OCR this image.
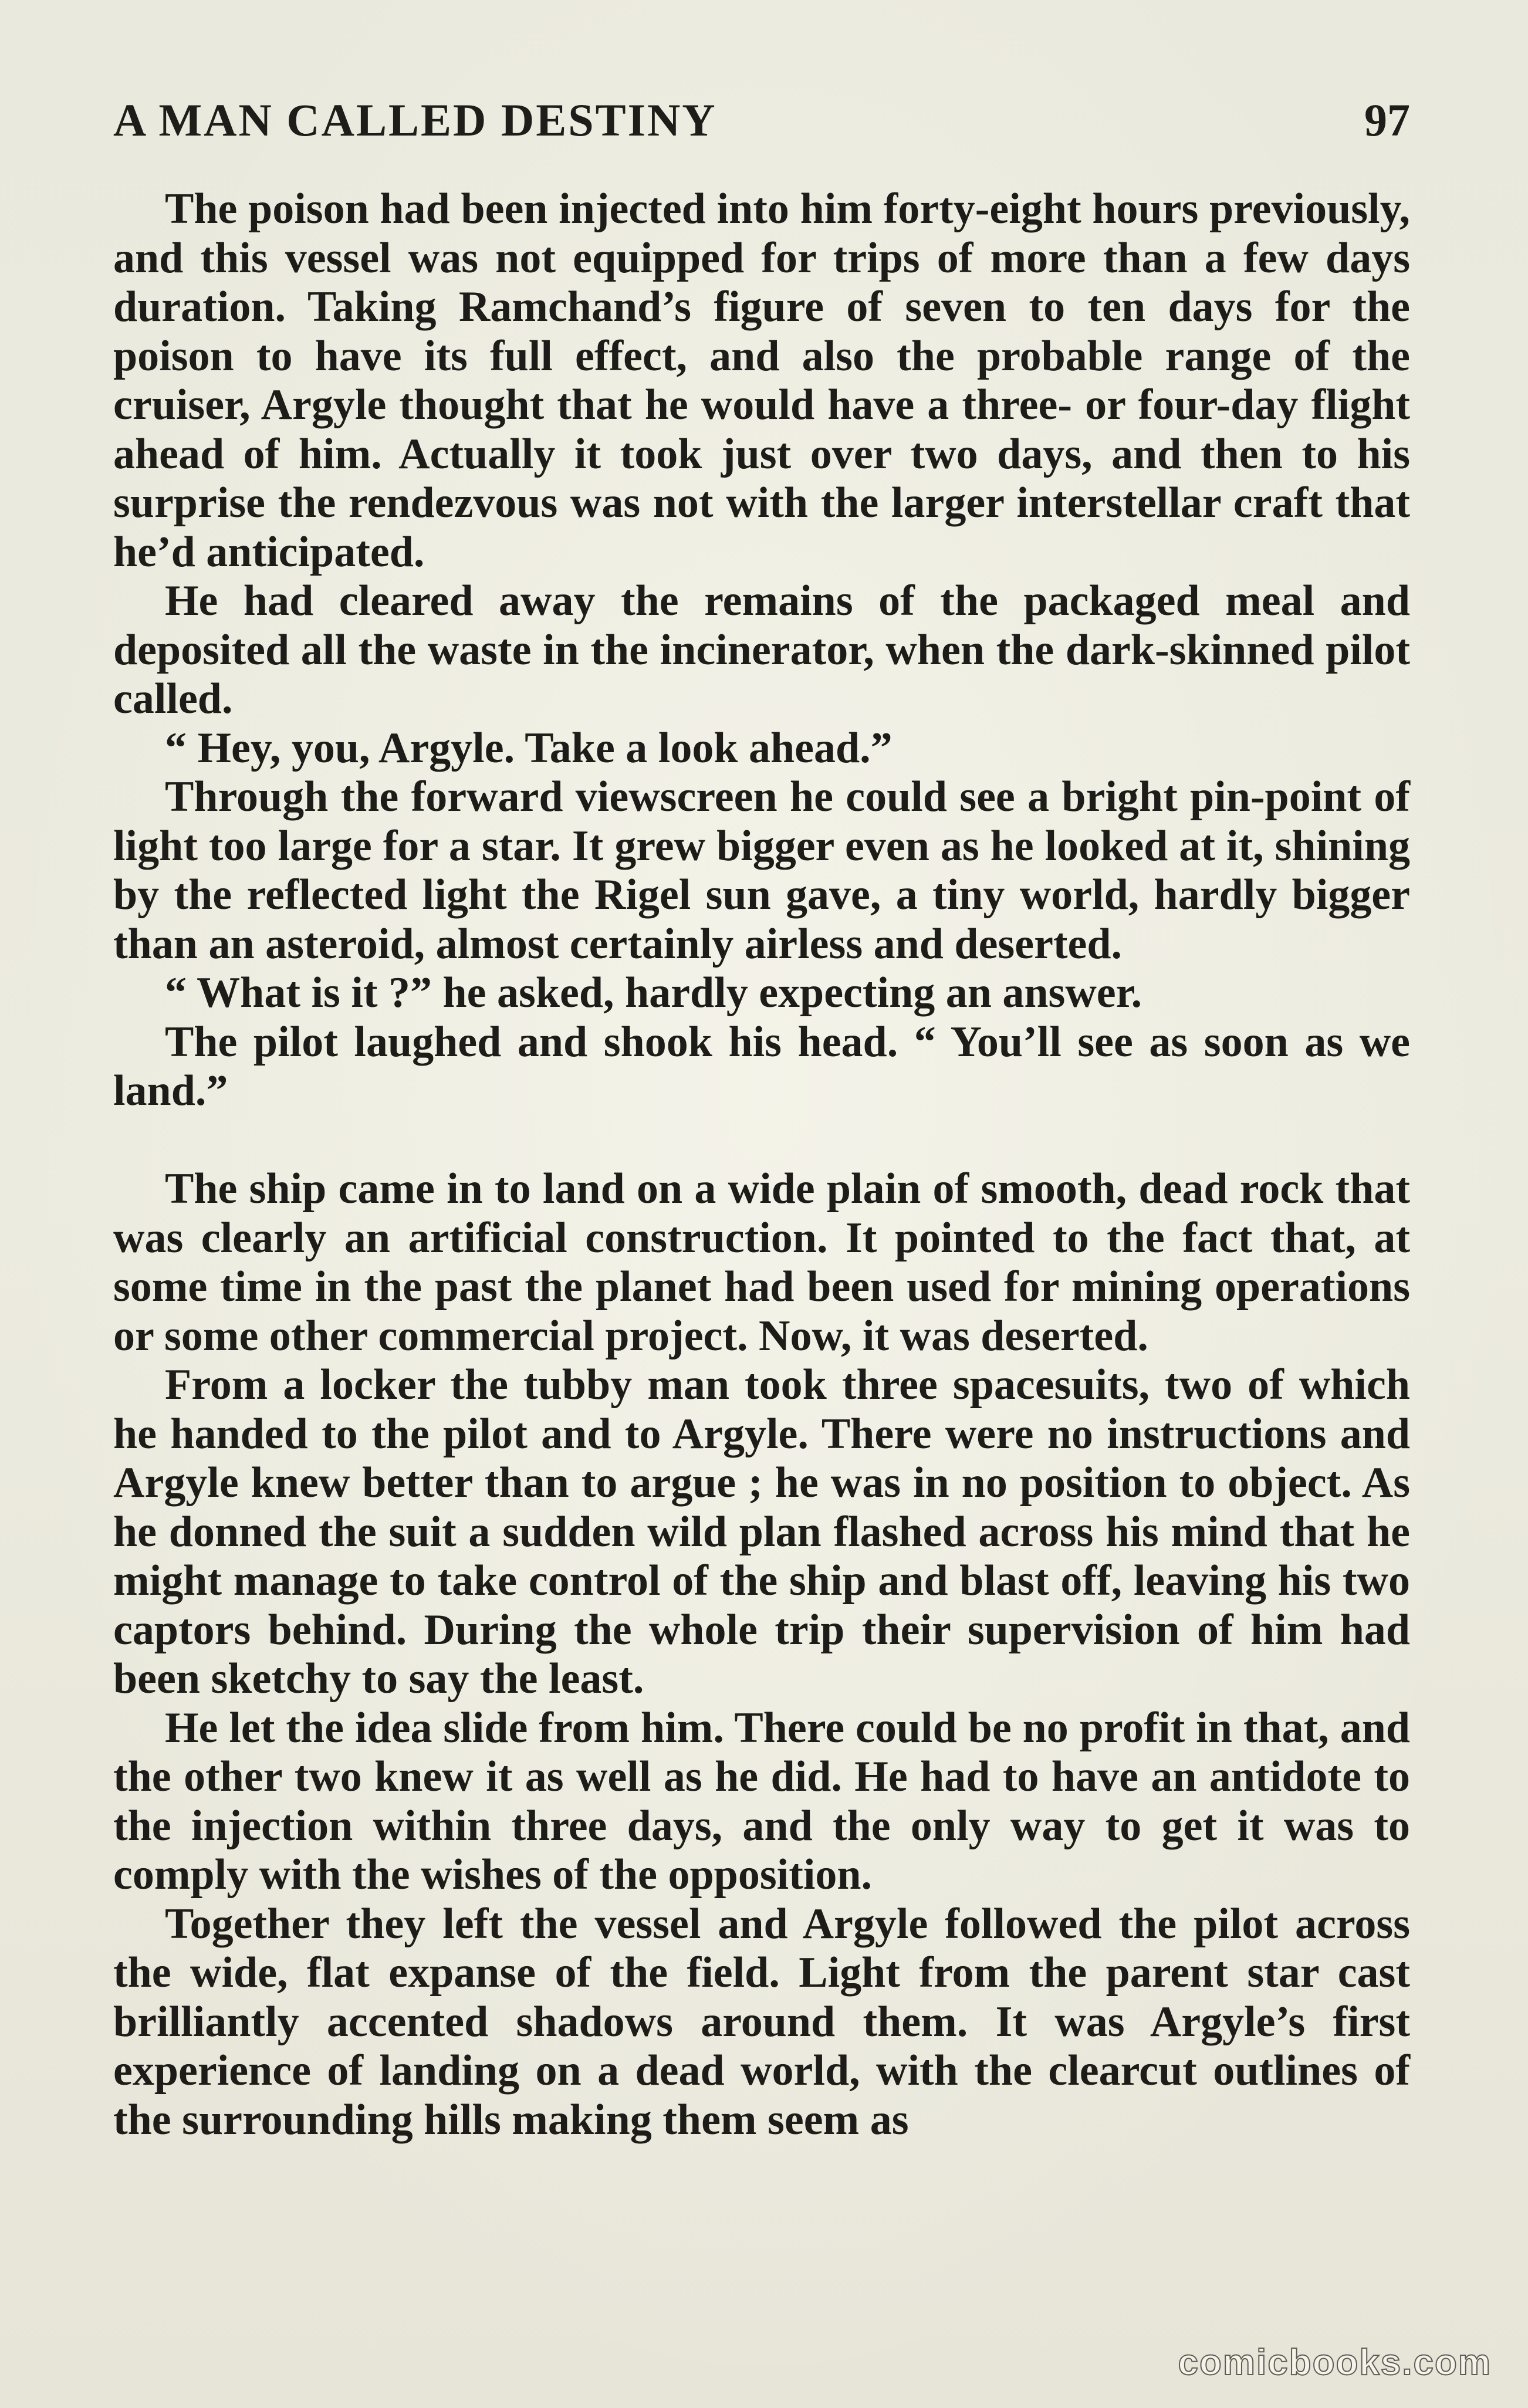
A MAN CALLED DESTINY	97

The poison had been injected into him forty-eight hours previously, and this vessel was not equipped for trips of more than a few days duration. Taking Ramchand’s figure of seven to ten days for the poison to have its full effect, and also the probable range of the cruiser, Argyle thought that he would have a three- or four-day flight ahead of him. Actually it took just over two days, and then to his surprise the rendezvous was not with the larger interstellar craft that he’d anticipated.

He had cleared away the remains of the packaged meal and deposited all the waste in the incinerator, when the dark-skinned pilot called.

“ Hey, you, Argyle. Take a look ahead.”

Through the forward viewscreen he could see a bright pin-point of light too large for a star. It grew bigger even as he looked at it, shining by the reflected light the Rigel sun gave, a tiny world, hardly bigger than an asteroid, almost certainly airless and deserted.

“ What is it ?” he asked, hardly expecting an answer.

The pilot laughed and shook his head. “ You’ll see as soon as we land.”

The ship came in to land on a wide plain of smooth, dead rock that was clearly an artificial construction. It pointed to the fact that, at some time in the past the planet had been used for mining operations or some other commercial project. Now, it was deserted.

From a locker the tubby man took three spacesuits, two of which he handed to the pilot and to Argyle. There were no instructions and Argyle knew better than to argue ; he was in no position to object. As he donned the suit a sudden wild plan flashed across his mind that he might manage to take control of the ship and blast off, leaving his two captors behind. During the whole trip their supervision of him had been sketchy to say the least.

He let the idea slide from him. There could be no profit in that, and the other two knew it as well as he did. He had to have an antidote to the injection within three days, and the only way to get it was to comply with the wishes of the opposition.

Together they left the vessel and Argyle followed the pilot across the wide, flat expanse of the field. Light from the parent star cast brilliantly accented shadows around them. It was Argyle’s first experience of landing on a dead world, with the clearcut outlines of the surrounding hills making them seem as

comicbooks.com
